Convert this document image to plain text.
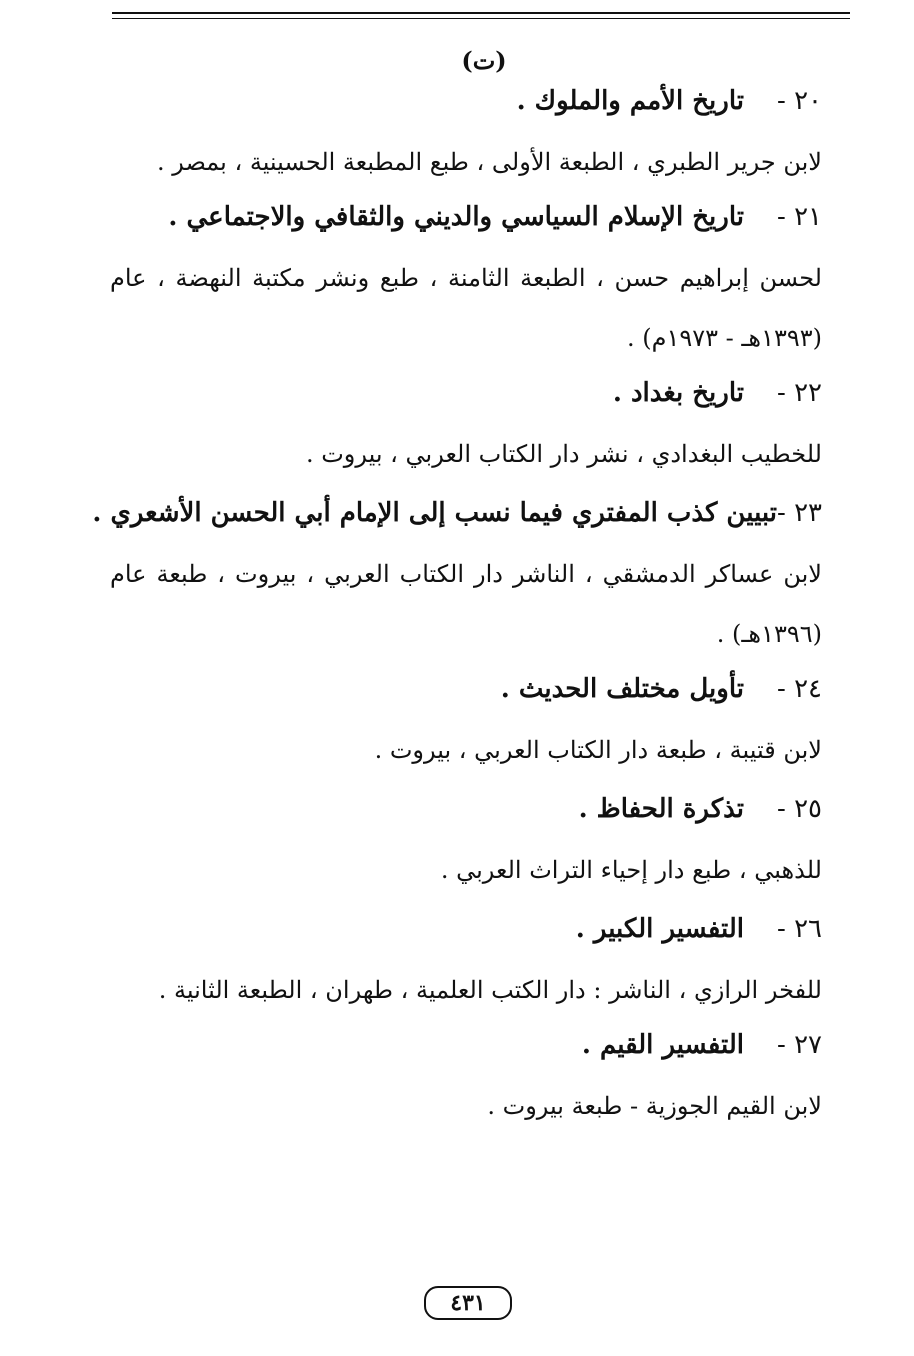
(ت)
٢٠ -
تاريخ الأمم والملوك .

لابن جرير الطبري ، الطبعة الأولى ، طبع المطبعة الحسينية ، بمصر .

٢١ -
تاريخ الإسلام السياسي والديني والثقافي والاجتماعي .

لحسن إبراهيم حسن ، الطبعة الثامنة ، طبع ونشر مكتبة النهضة ، عام (١٣٩٣هـ - ١٩٧٣م) .

٢٢ -
تاريخ بغداد .

للخطيب البغدادي ، نشر دار الكتاب العربي ، بيروت .

٢٣ -
تبيين كذب المفتري فيما نسب إلى الإمام أبي الحسن الأشعري .

لابن عساكر الدمشقي ، الناشر دار الكتاب العربي ، بيروت ، طبعة عام (١٣٩٦هـ) .

٢٤ -
تأويل مختلف الحديث .

لابن قتيبة ، طبعة دار الكتاب العربي ، بيروت .

٢٥ -
تذكرة الحفاظ .

للذهبي ، طبع دار إحياء التراث العربي .

٢٦ -
التفسير الكبير .

للفخر الرازي ، الناشر : دار الكتب العلمية ، طهران ، الطبعة الثانية .

٢٧ -
التفسير القيم .

لابن القيم الجوزية - طبعة بيروت .

٤٣١
